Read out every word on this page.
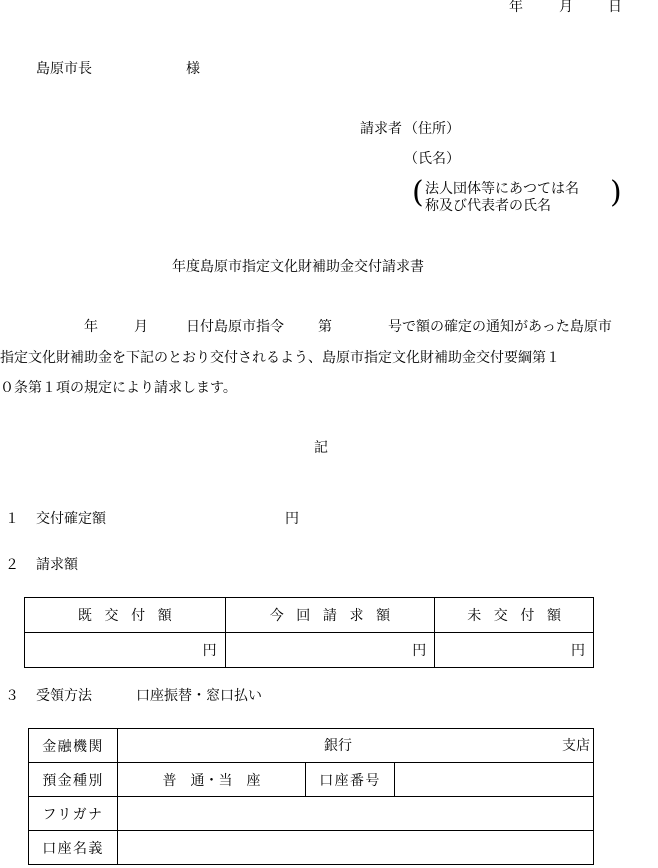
年	月	日
島原市長	様
請求者 （住所）
（氏名）
( 法人団体等にあつては名
称及び代表者の氏名 )
年度島原市指定文化財補助金交付請求書
年	月	日付島原市指令 第	号で額の確定の通知があった島原市
指定文化財補助金を下記のとおり交付されるよう、島原市指定文化財補助金交付要綱第１
０条第１項の規定により請求します。
記
１ 交付確定額	円
２ 請求額
既交付額	今回請求額	未交付額
円	円	円
３ 受領方法	口座振替・窓口払い
金融機関	銀行 支店		

預金種別	普　通・当　座	口座番号	
フリガナ			
口座名義			
